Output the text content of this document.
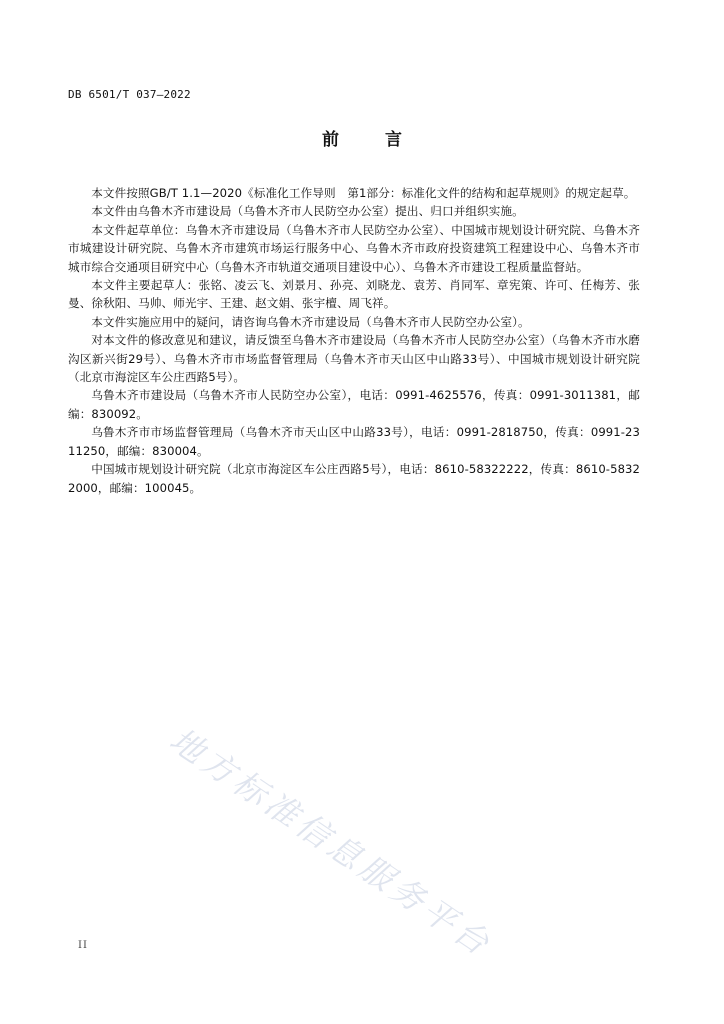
DB 6501/T 037—2022
前 言

本文件按照GB/T 1.1—2020《标准化工作导则　第1部分：标准化文件的结构和起草规则》的规定起草。

本文件由乌鲁木齐市建设局（乌鲁木齐市人民防空办公室）提出、归口并组织实施。

本文件起草单位：乌鲁木齐市建设局（乌鲁木齐市人民防空办公室）、中国城市规划设计研究院、乌鲁木齐市城建设计研究院、乌鲁木齐市建筑市场运行服务中心、乌鲁木齐市政府投资建筑工程建设中心、乌鲁木齐市城市综合交通项目研究中心（乌鲁木齐市轨道交通项目建设中心）、乌鲁木齐市建设工程质量监督站。

本文件主要起草人：张铭、凌云飞、刘景月、孙亮、刘晓龙、袁芳、肖同军、章宪策、许可、任梅芳、张曼、徐秋阳、马帅、师光宇、王建、赵文娟、张宇檀、周飞祥。

本文件实施应用中的疑问，请咨询乌鲁木齐市建设局（乌鲁木齐市人民防空办公室）。

对本文件的修改意见和建议，请反馈至乌鲁木齐市建设局（乌鲁木齐市人民防空办公室）（乌鲁木齐市水磨沟区新兴街29号）、乌鲁木齐市市场监督管理局（乌鲁木齐市天山区中山路33号）、中国城市规划设计研究院（北京市海淀区车公庄西路5号）。

乌鲁木齐市建设局（乌鲁木齐市人民防空办公室），电话：0991-4625576，传真：0991-3011381，邮编：830092。

乌鲁木齐市市场监督管理局（乌鲁木齐市天山区中山路33号），电话：0991-2818750，传真：0991-2311250，邮编：830004。

中国城市规划设计研究院（北京市海淀区车公庄西路5号），电话：8610-58322222，传真：8610-58322000，邮编：100045。

地方标准信息服务平台
II
